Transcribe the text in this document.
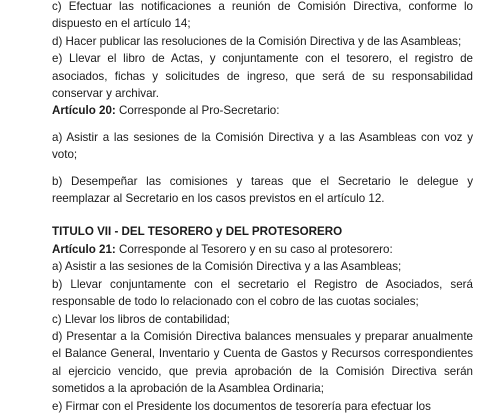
c) Efectuar las notificaciones a reunión de Comisión Directiva, conforme lo dispuesto en el artículo 14;

d) Hacer publicar las resoluciones de la Comisión Directiva y de las Asambleas;

e) Llevar el libro de Actas, y conjuntamente con el tesorero, el registro de asociados, fichas y solicitudes de ingreso, que será de su responsabilidad conservar y archivar.

Artículo 20: Corresponde al Pro-Secretario:

a) Asistir a las sesiones de la Comisión Directiva y a las Asambleas con voz y voto;

b) Desempeñar las comisiones y tareas que el Secretario le delegue y reemplazar al Secretario en los casos previstos en el artículo 12.

TITULO VII - DEL TESORERO y DEL PROTESORERO

Artículo 21: Corresponde al Tesorero y en su caso al protesorero:

a) Asistir a las sesiones de la Comisión Directiva y a las Asambleas;

b) Llevar conjuntamente con el secretario el Registro de Asociados, será responsable de todo lo relacionado con el cobro de las cuotas sociales;

c) Llevar los libros de contabilidad;

d) Presentar a la Comisión Directiva balances mensuales y preparar anualmente el Balance General, Inventario y Cuenta de Gastos y Recursos correspondientes al ejercicio vencido, que previa aprobación de la Comisión Directiva serán sometidos a la aprobación de la Asamblea Ordinaria;

e) Firmar con el Presidente los documentos de tesorería para efectuar los
